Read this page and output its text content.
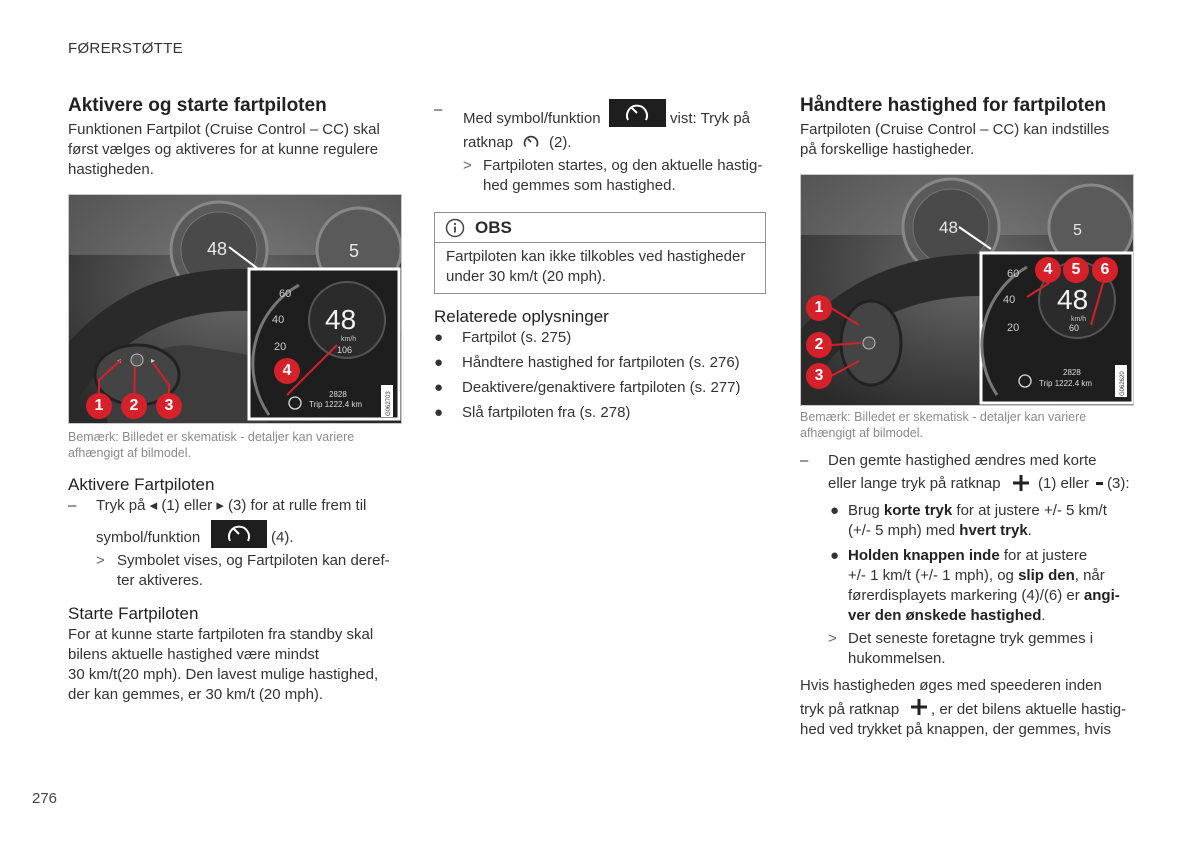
FØRERSTØTTE
Aktivere og starte fartpiloten

Funktionen Fartpilot (Cruise Control – CC) skal

først vælges og aktiveres for at kunne regulere

hastigheden.

5
48
◂	▸
48
km/h
106
60
40
20
Trip 1222.4 km
2828	G062703
1	2	3
4

Bemærk: Billedet er skematisk - detaljer kan variere

afhængigt af bilmodel.

Aktivere Fartpiloten
– Tryk på ◂ (1) eller ▸ (3) for at rulle frem til
symbol/funktion	(4).
> Symbolet vises, og Fartpiloten kan deref-

ter aktiveres.

Starte Fartpiloten

For at kunne starte fartpiloten fra standby skal

bilens aktuelle hastighed være mindst

30 km/t(20 mph). Den lavest mulige hastighed,

der kan gemmes, er 30 km/t (20 mph).

–
Med symbol/funktion	vist: Tryk på
ratknap (2).
> Fartpiloten startes, og den aktuelle hastig-

hed gemmes som hastighed.

OBS

Fartpiloten kan ikke tilkobles ved hastigheder

under 30 km/t (20 mph).

Relaterede oplysninger
●	Fartpilot (s. 275)
●	Håndtere hastighed for fartpiloten (s. 276)
●	Deaktivere/genaktivere fartpiloten (s. 277)
●	Slå fartpiloten fra (s. 278)
Håndtere hastighed for fartpiloten

Fartpiloten (Cruise Control – CC) kan indstilles

på forskellige hastigheder.

5
48
48
km/h
60
60
40
20
Trip 1222.4 km
2828	G062620
1
2
3
4	5	6

Bemærk: Billedet er skematisk - detaljer kan variere

afhængigt af bilmodel.

– Den gemte hastighed ændres med korte
eller lange tryk på ratknap (1) eller (3):
● Brug korte tryk for at justere +/- 5 km/t

(+/- 5 mph) med hvert tryk.

● Holden knappen inde for at justere

+/- 1 km/t (+/- 1 mph), og slip den, når

førerdisplayets markering (4)/(6) er angi-

ver den ønskede hastighed.

> Det seneste foretagne tryk gemmes i

hukommelsen.

Hvis hastigheden øges med speederen inden
tryk på ratknap , er det bilens aktuelle hastig-
hed ved trykket på knappen, der gemmes, hvis
276
